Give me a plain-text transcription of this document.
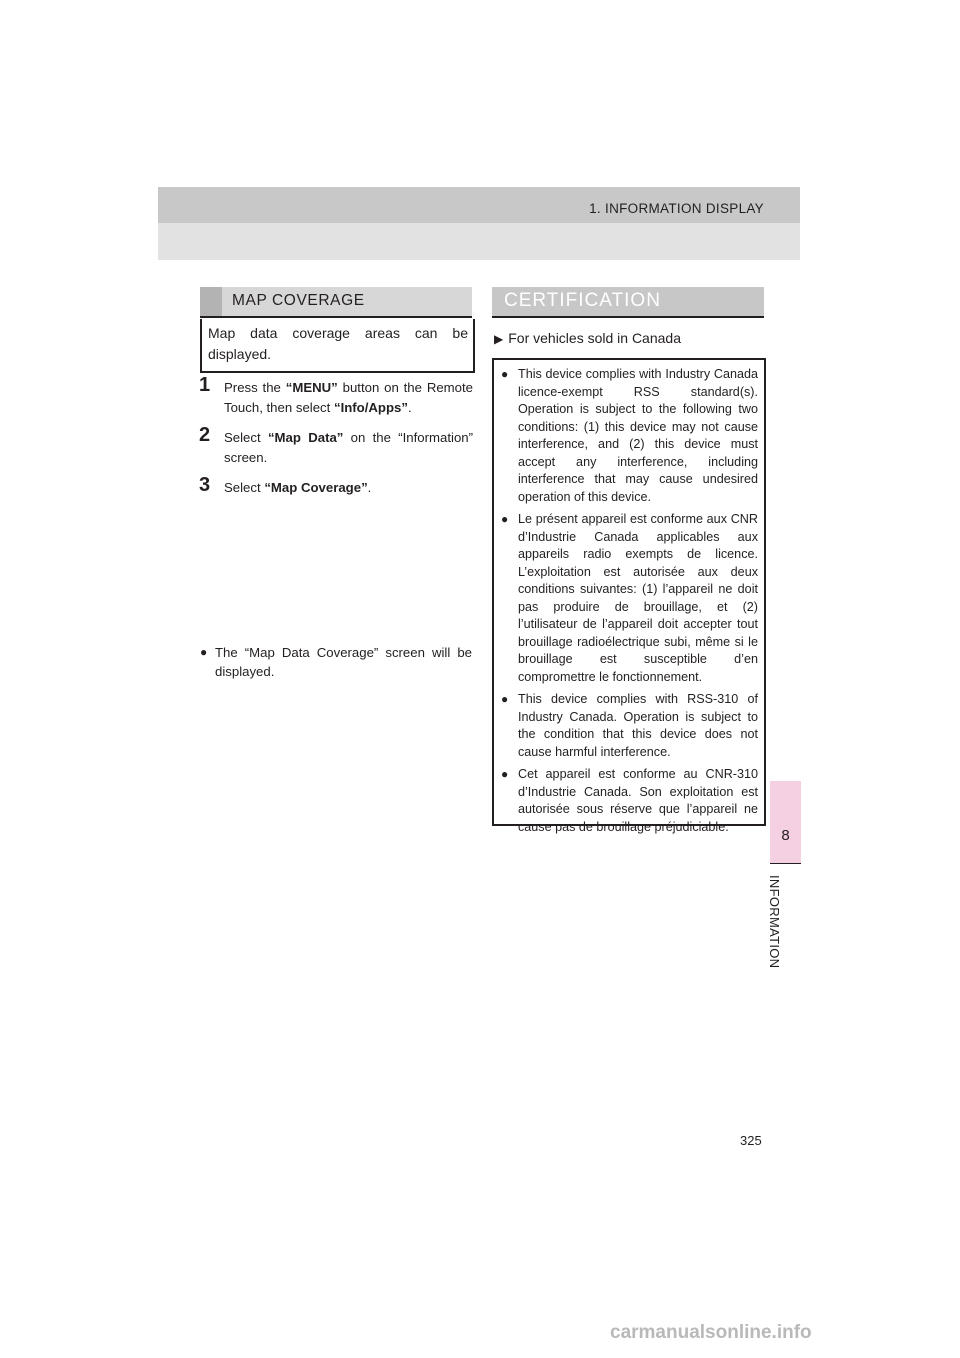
1. INFORMATION DISPLAY
8
INFORMATION
MAP COVERAGE
Map data coverage areas can be displayed.
1 Press the “MENU” button on the Remote Touch, then select “Info/Apps”.
2 Select “Map Data” on the “Information” screen.
3 Select “Map Coverage”.
● The “Map Data Coverage” screen will be displayed.
CERTIFICATION
▶ For vehicles sold in Canada
● This device complies with Industry Canada licence-exempt RSS standard(s). Operation is subject to the following two conditions: (1) this device may not cause interference, and (2) this device must accept any interference, including interference that may cause undesired operation of this device.
● Le présent appareil est conforme aux CNR d’Industrie Canada applicables aux appareils radio exempts de licence. L’exploitation est autorisée aux deux conditions suivantes: (1) l’appareil ne doit pas produire de brouillage, et (2) l’utilisateur de l’appareil doit accepter tout brouillage radioélectrique subi, même si le brouillage est susceptible d’en compromettre le fonctionnement.
● This device complies with RSS-310 of Industry Canada. Operation is subject to the condition that this device does not cause harmful interference.
● Cet appareil est conforme au CNR-310 d’Industrie Canada. Son exploitation est autorisée sous réserve que l’appareil ne cause pas de brouillage préjudiciable.
325
carmanualsonline.info
